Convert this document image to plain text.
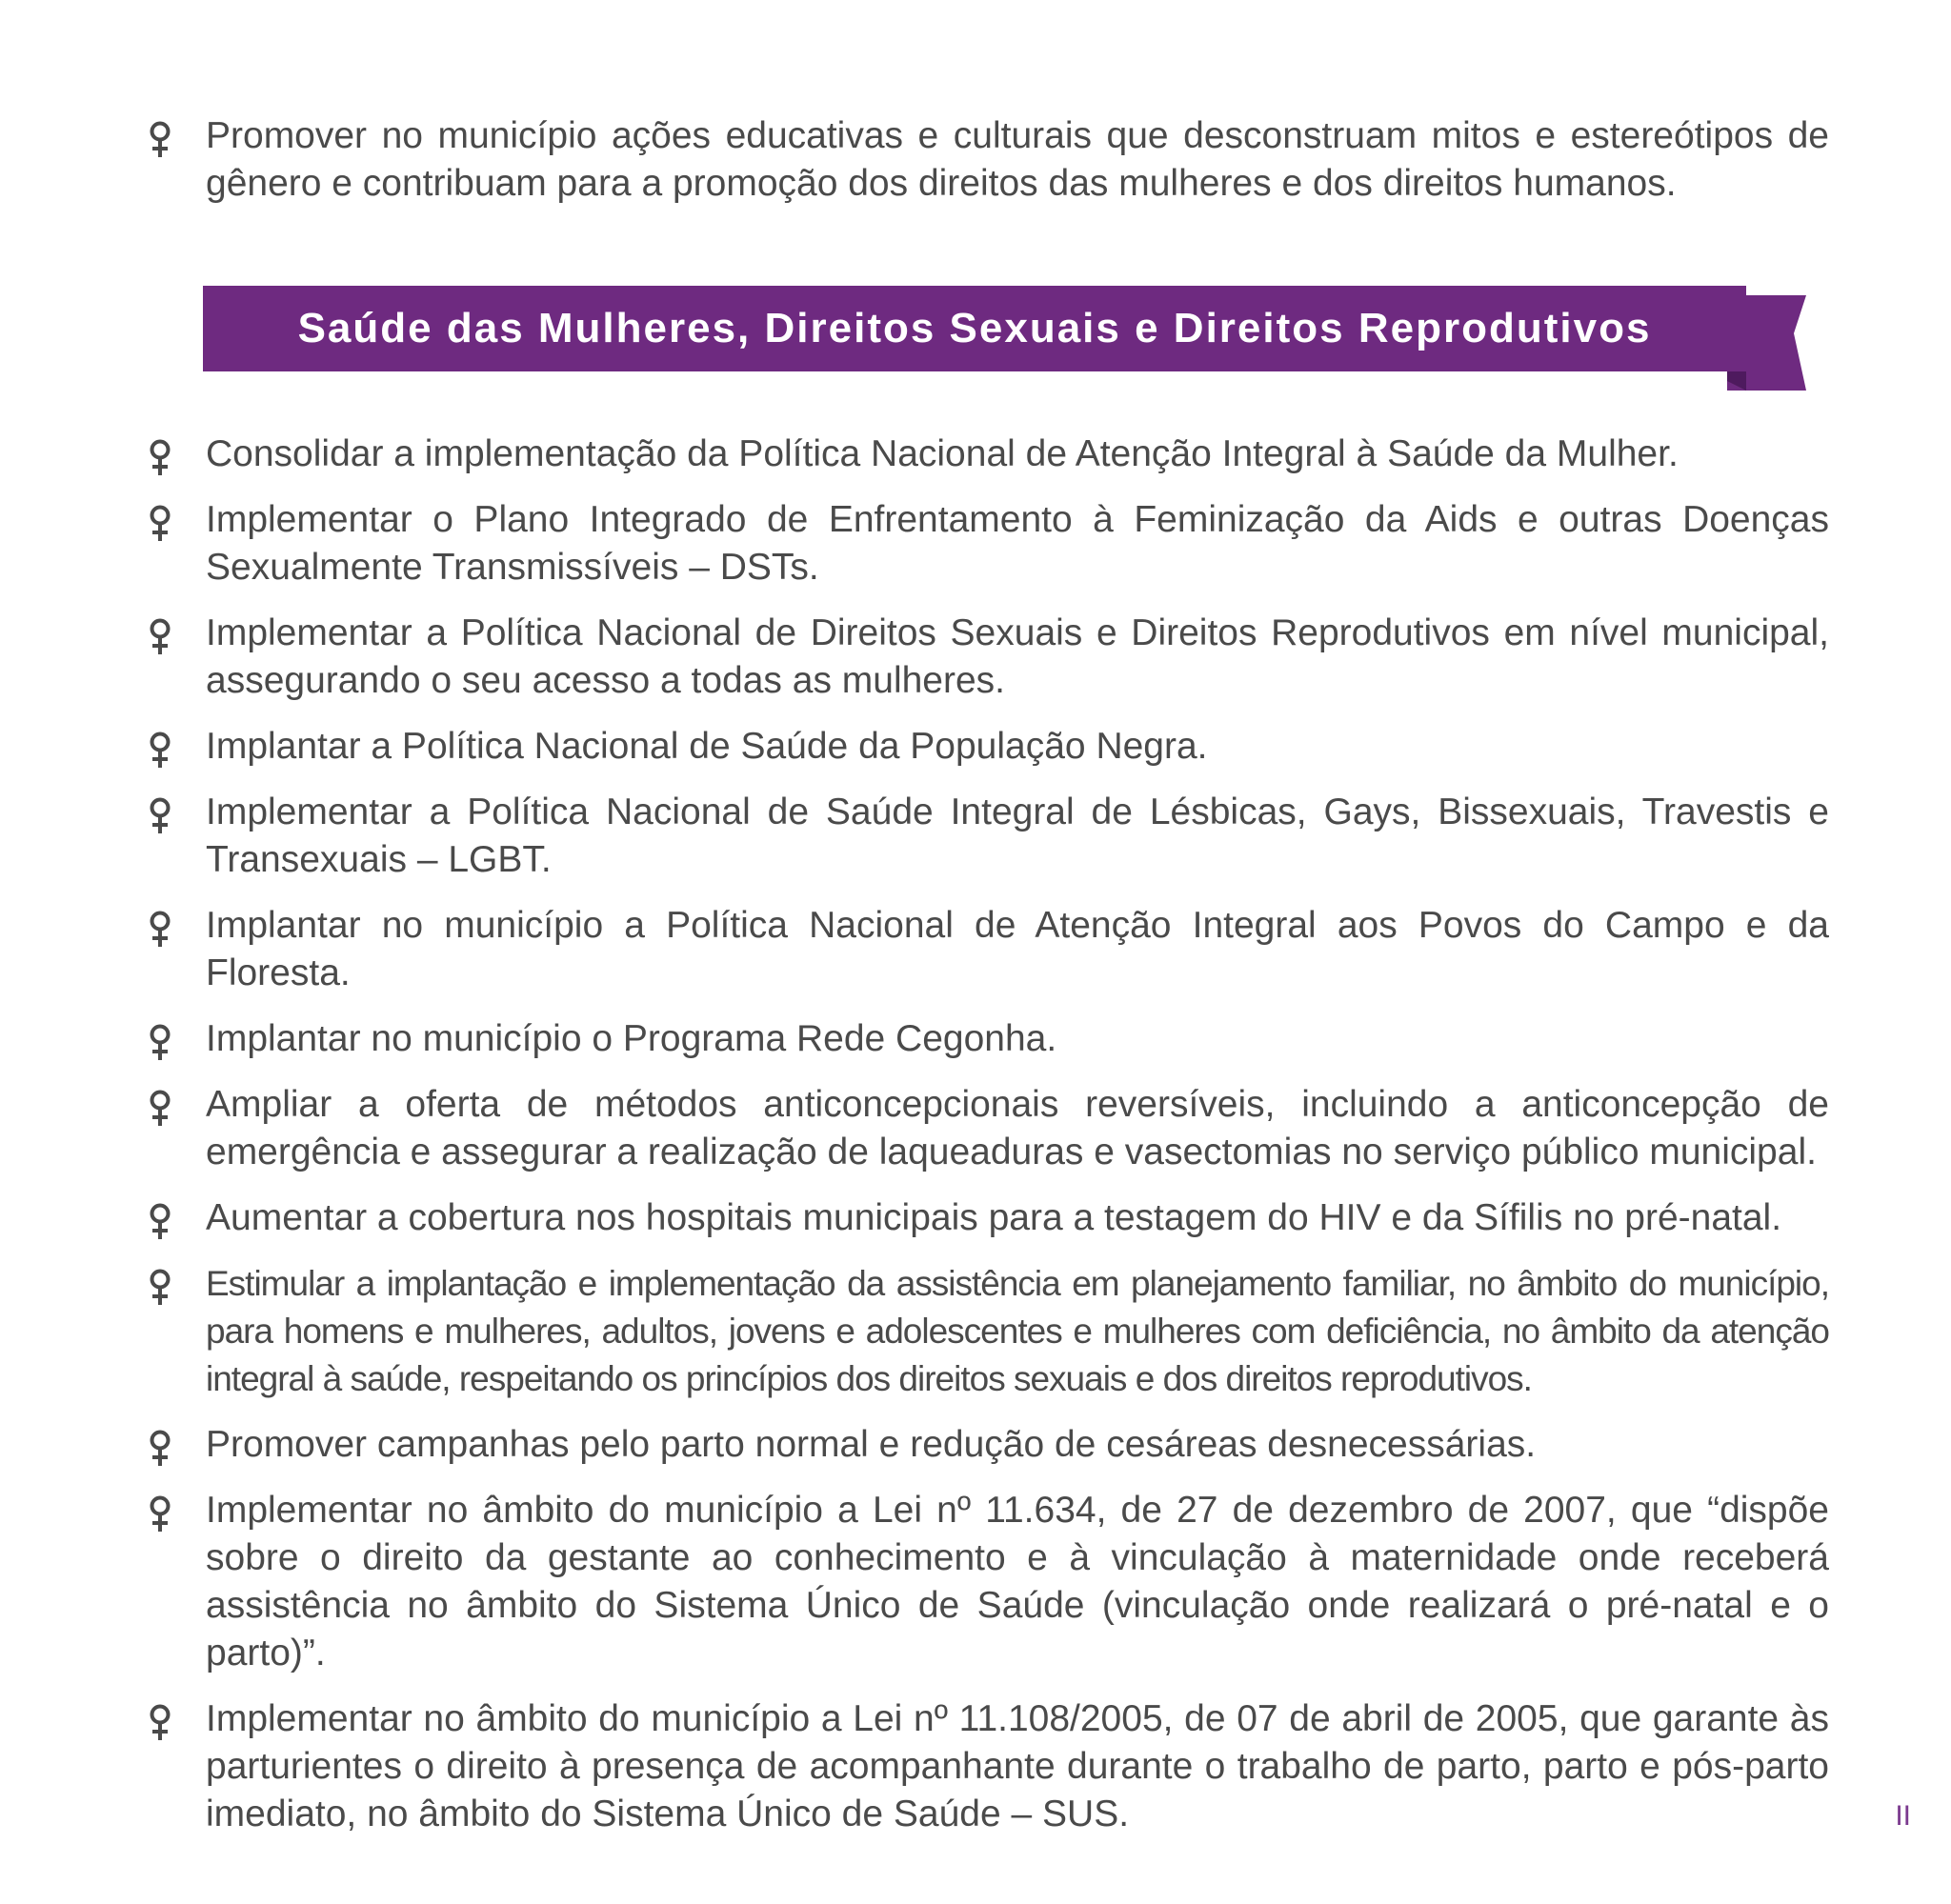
Promover no município ações educativas e culturais que desconstruam mitos e estereótipos de gênero e contribuam para a promoção dos direitos das mulheres e dos direitos humanos.
Saúde das Mulheres, Direitos Sexuais e Direitos Reprodutivos
Consolidar a implementação da Política Nacional de Atenção Integral à Saúde da Mulher.
Implementar o Plano Integrado de Enfrentamento à Feminização da Aids e outras Doenças Sexualmente Transmissíveis – DSTs.
Implementar a Política Nacional de Direitos Sexuais e Direitos Reprodutivos em nível municipal, assegurando o seu acesso a todas as mulheres.
Implantar a Política Nacional de Saúde da População Negra.
Implementar a Política Nacional de Saúde Integral de Lésbicas, Gays, Bissexuais, Travestis e Transexuais – LGBT.
Implantar no município a Política Nacional de Atenção Integral aos Povos do Campo e da Floresta.
Implantar no município o Programa Rede Cegonha.
Ampliar a oferta de métodos anticoncepcionais reversíveis, incluindo a anticoncepção de emergência e assegurar a realização de laqueaduras e vasectomias no serviço público municipal.
Aumentar a cobertura nos hospitais municipais para a testagem do HIV e da Sífilis no pré-natal.
Estimular a implantação e implementação da assistência em planejamento familiar, no âmbito do município, para homens e mulheres, adultos, jovens e adolescentes e mulheres com deficiência, no âmbito da atenção integral à saúde, respeitando os princípios dos direitos sexuais e dos direitos reprodutivos.
Promover campanhas pelo parto normal e redução de cesáreas desnecessárias.
Implementar no âmbito do município a Lei nº 11.634, de 27 de dezembro de 2007, que “dispõe sobre o direito da gestante ao conhecimento e à vinculação à maternidade onde receberá assistência no âmbito do Sistema Único de Saúde (vinculação onde realizará o pré-natal e o parto)”.
Implementar no âmbito do município a Lei nº 11.108/2005, de 07 de abril de 2005, que garante às parturientes o direito à presença de acompanhante durante o trabalho de parto, parto e pós-parto imediato, no âmbito do Sistema Único de Saúde – SUS.	II
